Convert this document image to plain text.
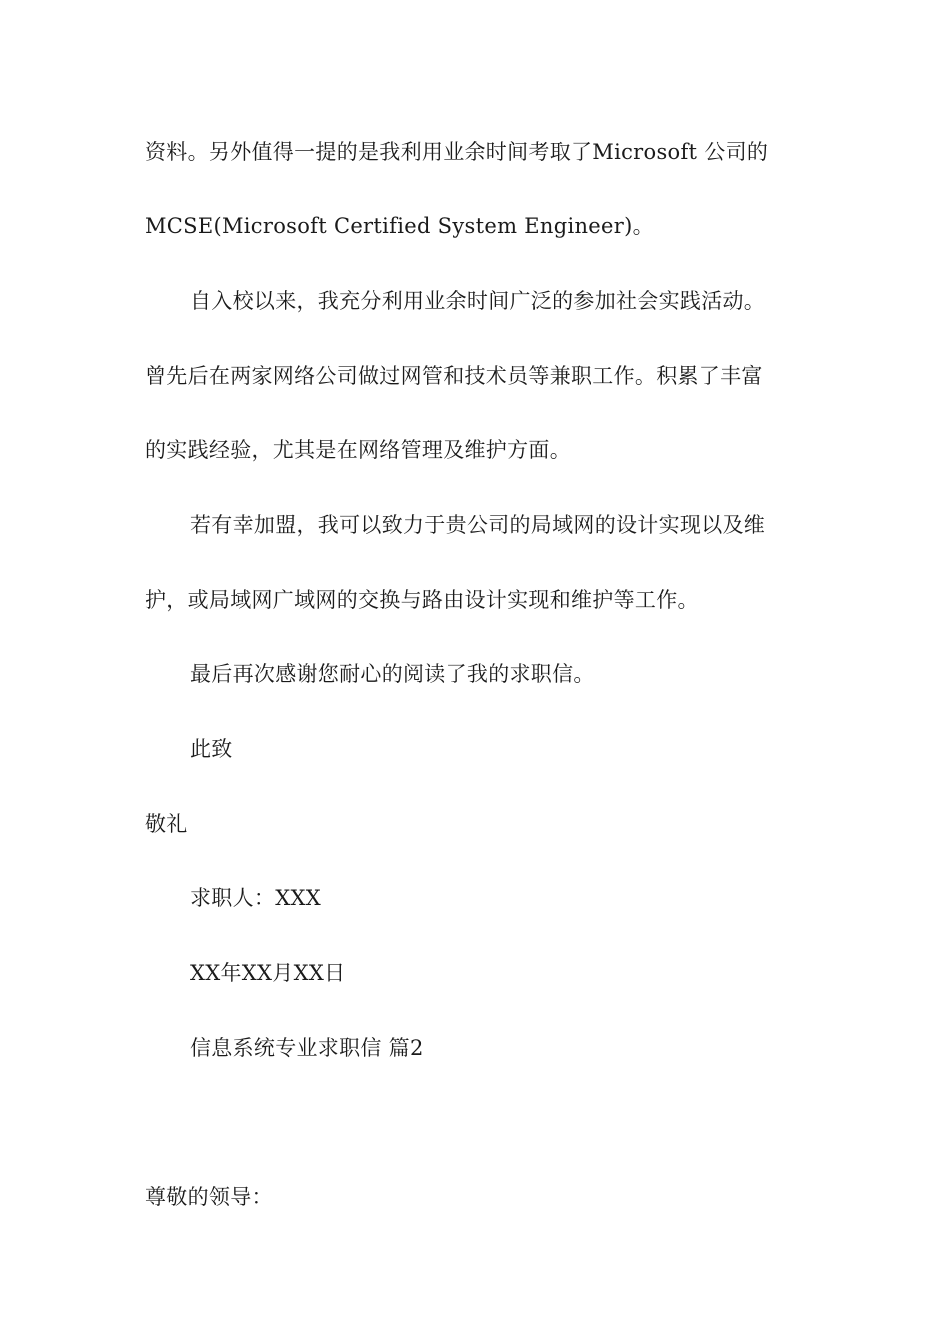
资料。另外值得一提的是我利用业余时间考取了Microsoft 公司的
MCSE(Microsoft Certified System Engineer)。
自入校以来，我充分利用业余时间广泛的参加社会实践活动。
曾先后在两家网络公司做过网管和技术员等兼职工作。积累了丰富
的实践经验，尤其是在网络管理及维护方面。
若有幸加盟，我可以致力于贵公司的局域网的设计实现以及维
护，或局域网广域网的交换与路由设计实现和维护等工作。
最后再次感谢您耐心的阅读了我的求职信。
此致
敬礼
求职人：XXX
XX年XX月XX日
信息系统专业求职信 篇2
尊敬的领导：
